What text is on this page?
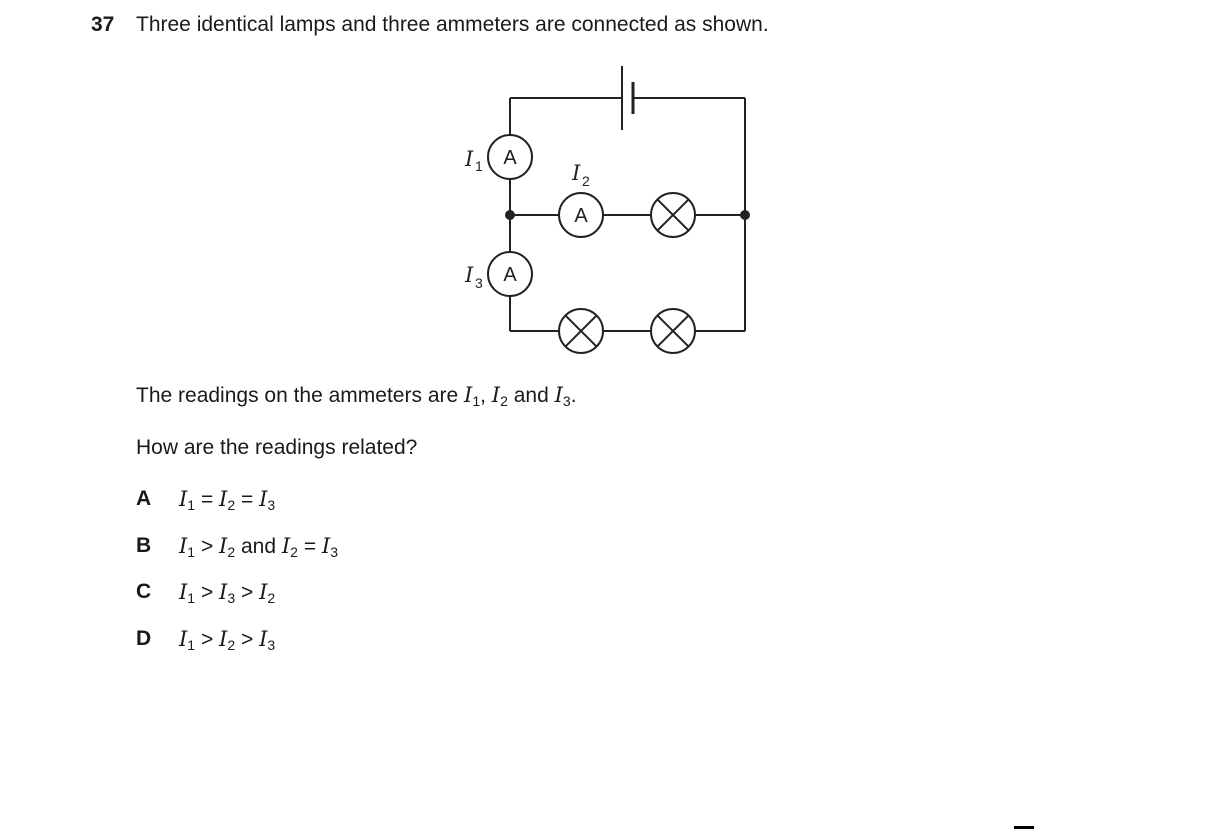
37 Three identical lamps and three ammeters are connected as shown.
A
A
A
I 1	I 2
I 3
The readings on the ammeters are $I_1$, $I_2$ and $I_3$.
How are the readings related?
A $I_1 = I_2 = I_3$
B $I_1 > I_2$ and $I_2 = I_3$
C $I_1 > I_3 > I_2$
D $I_1 > I_2 > I_3$
